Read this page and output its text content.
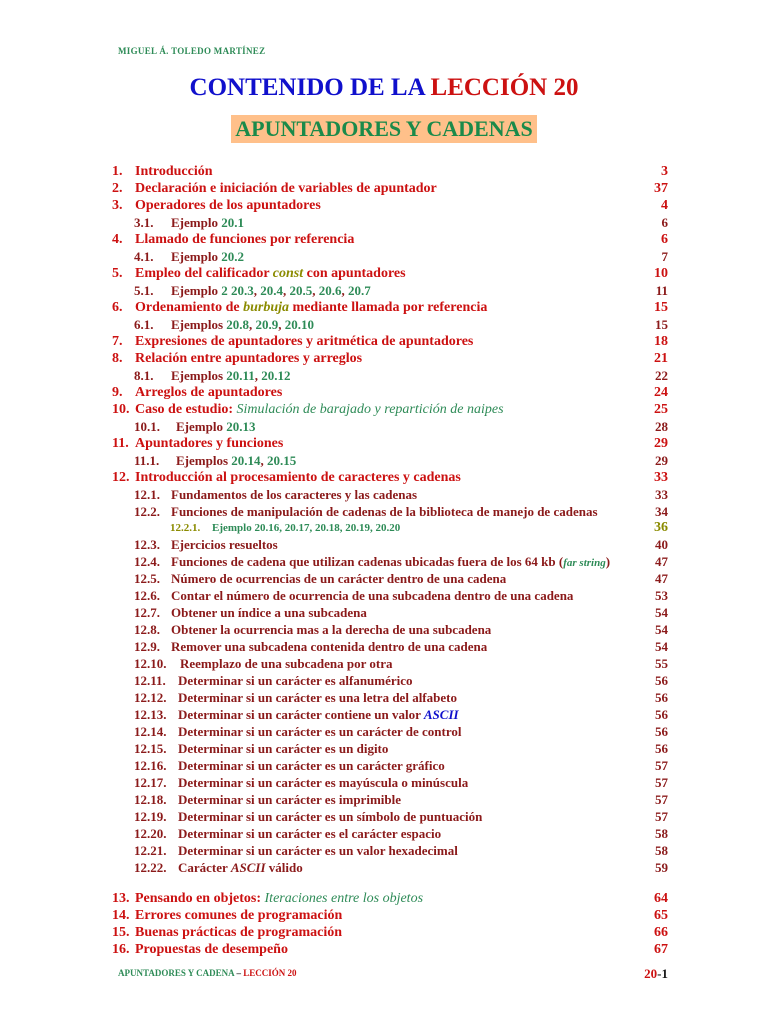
MIGUEL Á. TOLEDO MARTÍNEZ
CONTENIDO DE LA LECCIÓN 20
APUNTADORES Y CADENAS
1. Introducción	3
2. Declaración e iniciación de variables de apuntador	37
3. Operadores de los apuntadores	4
3.1. Ejemplo 20.1	6
4. Llamado de funciones por referencia	6
4.1. Ejemplo 20.2	7
5. Empleo del calificador const con apuntadores	10
5.1. Ejemplo 2 20.3, 20.4, 20.5, 20.6, 20.7	11
6. Ordenamiento de burbuja mediante llamada por referencia	15
6.1. Ejemplos 20.8, 20.9, 20.10	15
7. Expresiones de apuntadores y aritmética de apuntadores	18
8. Relación entre apuntadores y arreglos	21
8.1. Ejemplos 20.11, 20.12	22
9. Arreglos de apuntadores	24
10. Caso de estudio: Simulación de barajado y repartición de naipes	25
10.1. Ejemplo 20.13	28
11. Apuntadores y funciones	29
11.1. Ejemplos 20.14, 20.15	29
12. Introducción al procesamiento de caracteres y cadenas	33
12.1. Fundamentos de los caracteres y las cadenas	33
12.2. Funciones de manipulación de cadenas de la biblioteca de manejo de cadenas	34
12.2.1. Ejemplo 20.16, 20.17, 20.18, 20.19, 20.20	36
12.3. Ejercicios resueltos	40
12.4. Funciones de cadena que utilizan cadenas ubicadas fuera de los 64 kb (far string)	47
12.5. Número de ocurrencias de un carácter dentro de una cadena	47
12.6. Contar el número de ocurrencia de una subcadena dentro de una cadena	53
12.7. Obtener un índice a una subcadena	54
12.8. Obtener la ocurrencia mas a la derecha de una subcadena	54
12.9. Remover una subcadena contenida dentro de una cadena	54
12.10. Reemplazo de una subcadena por otra	55
12.11. Determinar si un carácter es alfanumérico	56
12.12. Determinar si un carácter es una letra del alfabeto	56
12.13. Determinar si un carácter contiene un valor ASCII	56
12.14. Determinar si un carácter es un carácter de control	56
12.15. Determinar si un carácter es un digito	56
12.16. Determinar si un carácter es un carácter gráfico	57
12.17. Determinar si un carácter es mayúscula o minúscula	57
12.18. Determinar si un carácter es imprimible	57
12.19. Determinar si un carácter es un símbolo de puntuación	57
12.20. Determinar si un carácter es el carácter espacio	58
12.21. Determinar si un carácter es un valor hexadecimal	58
12.22. Carácter ASCII válido	59
13. Pensando en objetos: Iteraciones entre los objetos	64
14. Errores comunes de programación	65
15. Buenas prácticas de programación	66
16. Propuestas de desempeño	67
APUNTADORES Y CADENA – LECCIÓN 20	20-1
